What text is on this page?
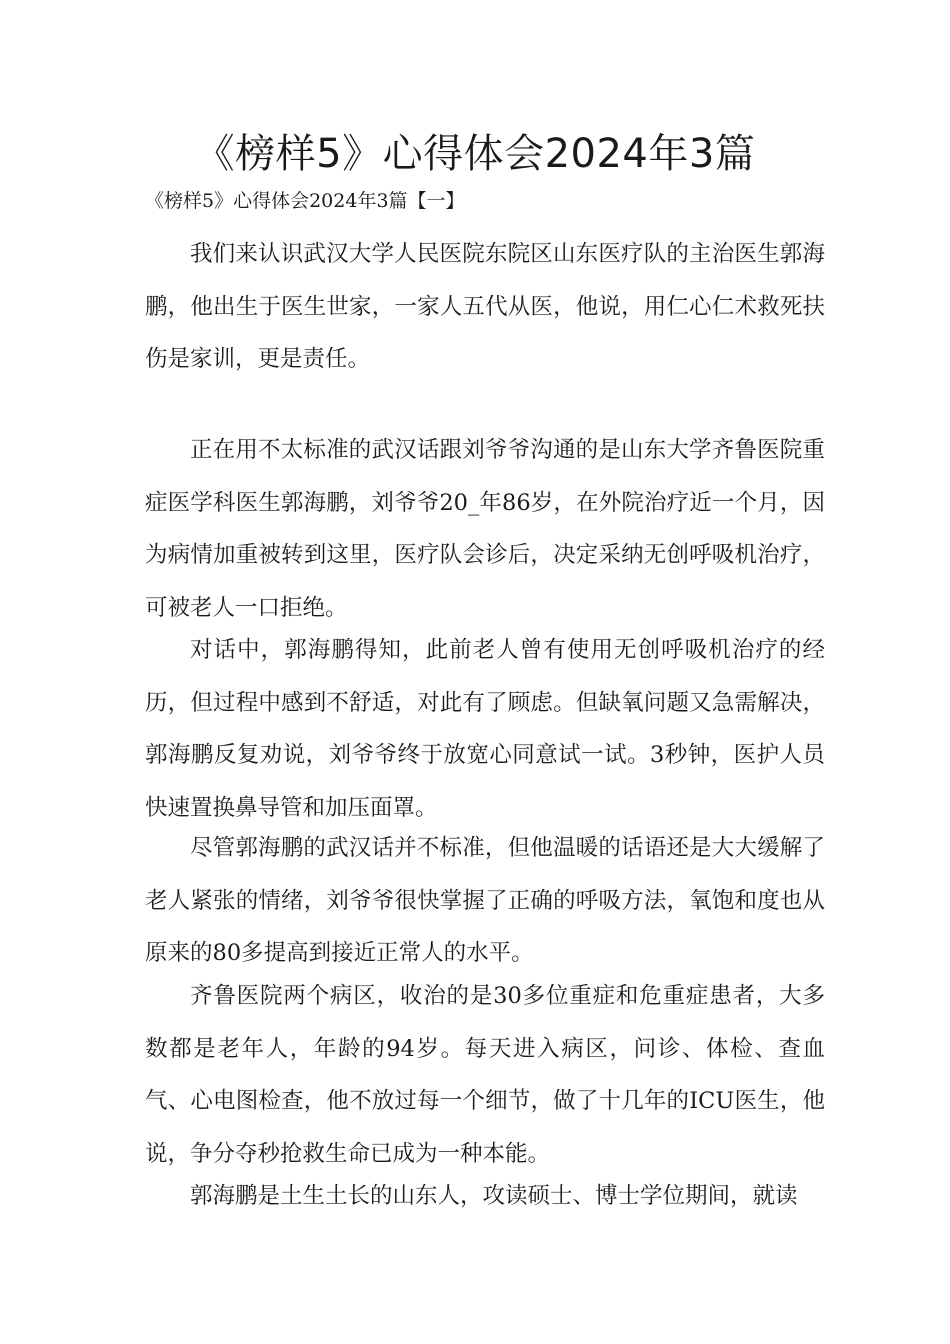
《榜样5》心得体会2024年3篇

《榜样5》心得体会2024年3篇【一】

我们来认识武汉大学人民医院东院区山东医疗队的主治医生郭海鹏，他出生于医生世家，一家人五代从医，他说，用仁心仁术救死扶伤是家训，更是责任。

正在用不太标准的武汉话跟刘爷爷沟通的是山东大学齐鲁医院重症医学科医生郭海鹏，刘爷爷20_年86岁，在外院治疗近一个月，因为病情加重被转到这里，医疗队会诊后，决定采纳无创呼吸机治疗，可被老人一口拒绝。

对话中，郭海鹏得知，此前老人曾有使用无创呼吸机治疗的经历，但过程中感到不舒适，对此有了顾虑。但缺氧问题又急需解决，郭海鹏反复劝说，刘爷爷终于放宽心同意试一试。3秒钟，医护人员快速置换鼻导管和加压面罩。

尽管郭海鹏的武汉话并不标准，但他温暖的话语还是大大缓解了老人紧张的情绪，刘爷爷很快掌握了正确的呼吸方法，氧饱和度也从原来的80多提高到接近正常人的水平。

齐鲁医院两个病区，收治的是30多位重症和危重症患者，大多数都是老年人，年龄的94岁。每天进入病区，问诊、体检、查血气、心电图检查，他不放过每一个细节，做了十几年的ICU医生，他说，争分夺秒抢救生命已成为一种本能。

郭海鹏是土生土长的山东人，攻读硕士、博士学位期间，就读
